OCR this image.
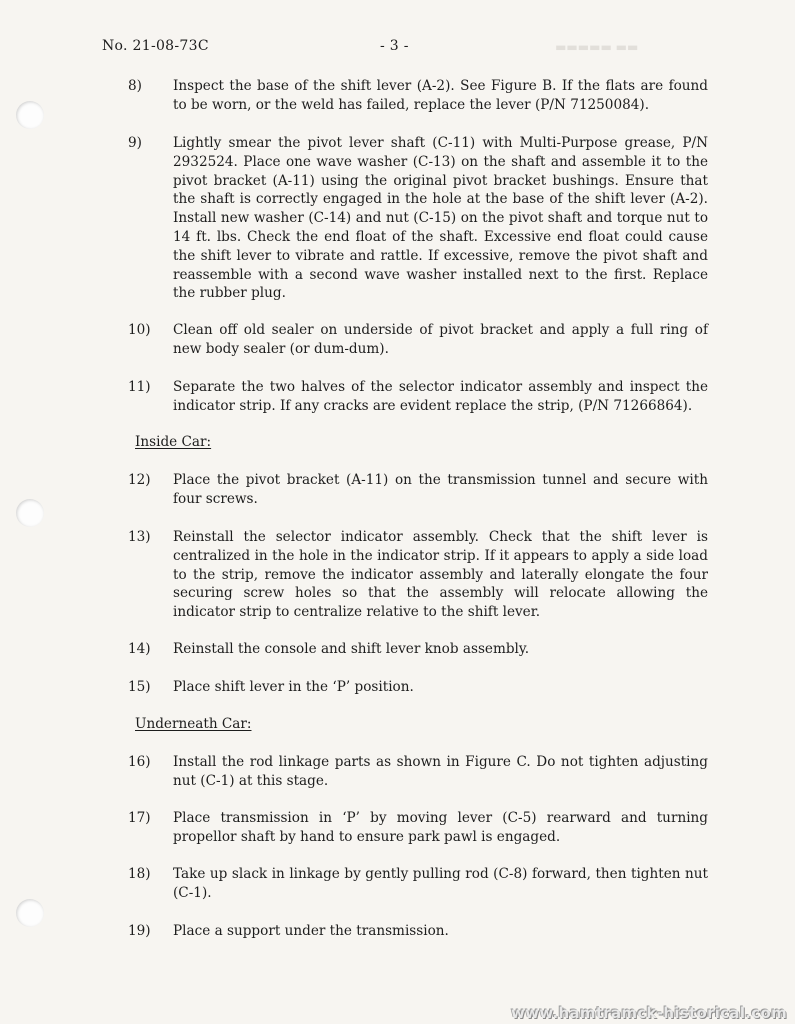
▬▬ ▬▬▬▬▬
No. 21-08-73C	- 3 -
8)	Inspect the base of the shift lever (A-2). See Figure B. If the flats are found to be worn, or the weld has failed, replace the lever (P/N 71250084).
9)	Lightly smear the pivot lever shaft (C-11) with Multi-Purpose grease, P/N 2932524. Place one wave washer (C-13) on the shaft and assemble it to the pivot bracket (A-11) using the original pivot bracket bushings. Ensure that the shaft is correctly engaged in the hole at the base of the shift lever (A-2). Install new washer (C-14) and nut (C-15) on the pivot shaft and torque nut to 14 ft. lbs. Check the end float of the shaft. Excessive end float could cause the shift lever to vibrate and rattle. If excessive, remove the pivot shaft and reassemble with a second wave washer installed next to the first. Replace the rubber plug.
10)	Clean off old sealer on underside of pivot bracket and apply a full ring of new body sealer (or dum-dum).
11)	Separate the two halves of the selector indicator assembly and inspect the indicator strip. If any cracks are evident replace the strip, (P/N 71266864).
Inside Car:
12)	Place the pivot bracket (A-11) on the transmission tunnel and secure with four screws.
13)	Reinstall the selector indicator assembly. Check that the shift lever is centralized in the hole in the indicator strip. If it appears to apply a side load to the strip, remove the indicator assembly and laterally elongate the four securing screw holes so that the assembly will relocate allowing the indicator strip to centralize relative to the shift lever.
14)	Reinstall the console and shift lever knob assembly.
15)	Place shift lever in the ‘P’ position.
Underneath Car:
16)	Install the rod linkage parts as shown in Figure C. Do not tighten adjusting nut (C-1) at this stage.
17)	Place transmission in ‘P’ by moving lever (C-5) rearward and turning propellor shaft by hand to ensure park pawl is engaged.
18)	Take up slack in linkage by gently pulling rod (C-8) forward, then tighten nut (C-1).
19)	Place a support under the transmission.
www.hamtramck-historical.com
